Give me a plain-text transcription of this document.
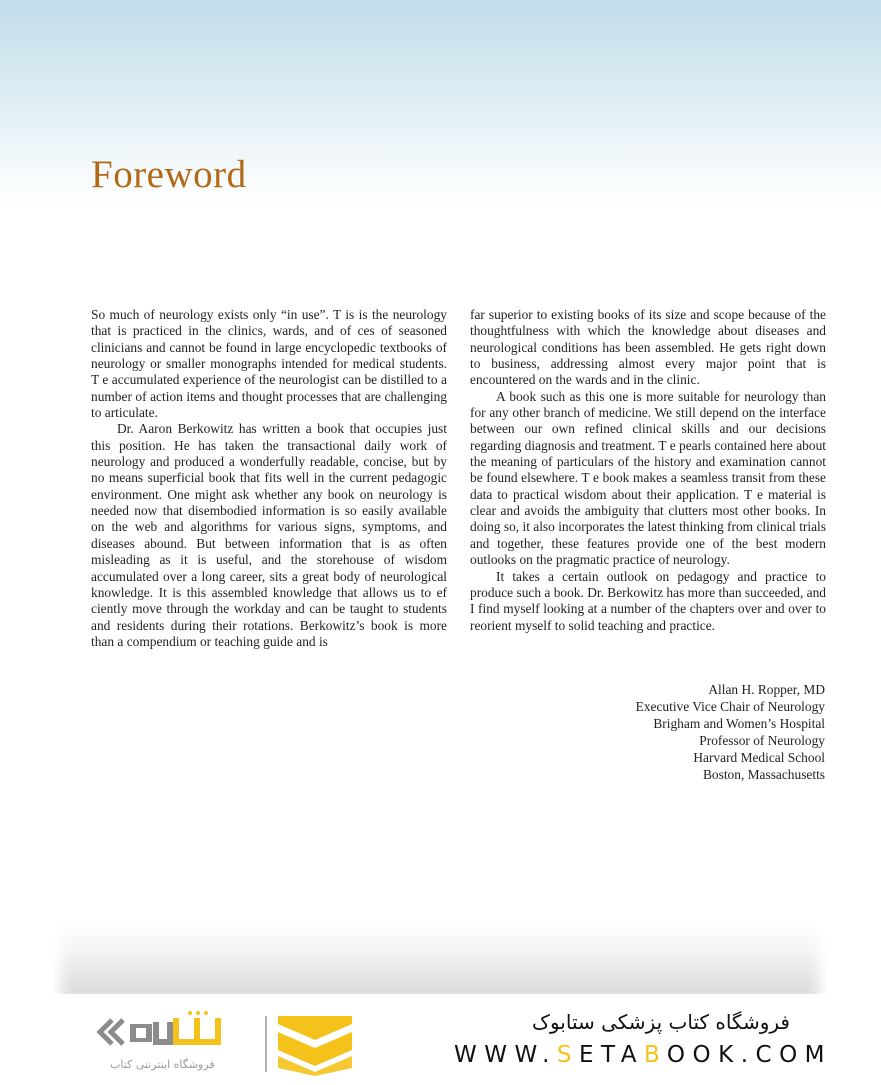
Foreword

So much of neurology exists only “in use”. T is is the neurology that is practiced in the clinics, wards, and of ces of seasoned clinicians and cannot be found in large encyclopedic textbooks of neurology or smaller monographs intended for medical students. T e accumulated experience of the neurologist can be distilled to a number of action items and thought processes that are challenging to articulate.

Dr. Aaron Berkowitz has written a book that occupies just this position. He has taken the transactional daily work of neurology and produced a wonderfully readable, concise, but by no means superficial book that fits well in the current pedagogic environment. One might ask whether any book on neurology is needed now that disembodied information is so easily available on the web and algorithms for various signs, symptoms, and diseases abound. But between information that is as often misleading as it is useful, and the storehouse of wisdom accumulated over a long career, sits a great body of neurological knowledge. It is this assembled knowledge that allows us to ef ciently move through the workday and can be taught to students and residents during their rotations. Berkowitz’s book is more than a compendium or teaching guide and is

far superior to existing books of its size and scope because of the thoughtfulness with which the knowledge about diseases and neurological conditions has been assembled. He gets right down to business, addressing almost every major point that is encountered on the wards and in the clinic.

A book such as this one is more suitable for neurology than for any other branch of medicine. We still depend on the interface between our own refined clinical skills and our decisions regarding diagnosis and treatment. T e pearls contained here about the meaning of particulars of the history and examination cannot be found elsewhere. T e book makes a seamless transit from these data to practical wisdom about their application. T e material is clear and avoids the ambiguity that clutters most other books. In doing so, it also incorporates the latest thinking from clinical trials and together, these features provide one of the best modern outlooks on the pragmatic practice of neurology.

It takes a certain outlook on pedagogy and practice to produce such a book. Dr. Berkowitz has more than succeeded, and I find myself looking at a number of the chapters over and over to reorient myself to solid teaching and practice.

Allan H. Ropper, MD
Executive Vice Chair of Neurology
Brigham and Women’s Hospital
Professor of Neurology
Harvard Medical School
Boston, Massachusetts
فروشگاه اینترنتی کتاب
فروشگاه کتاب پزشکی ستابوک
WWW.SETABOOK.COM
